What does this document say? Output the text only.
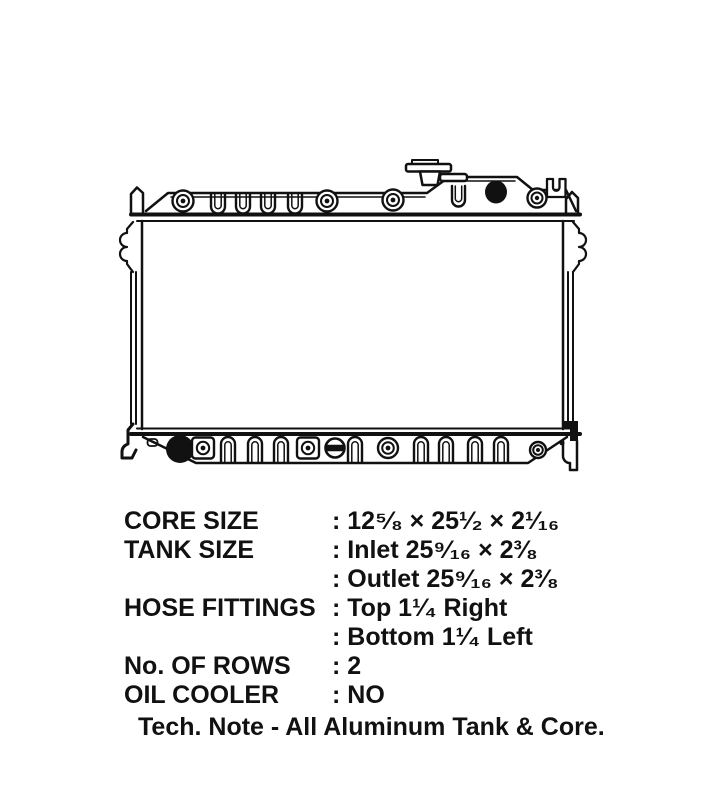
CORE SIZE	: 12⁵⁄₈ × 25¹⁄₂ × 2¹⁄₁₆
TANK SIZE	: Inlet 25⁹⁄₁₆ × 2³⁄₈
: Outlet 25⁹⁄₁₆ × 2³⁄₈
HOSE FITTINGS : Top 1¹⁄₄ Right
: Bottom 1¹⁄₄ Left
No. OF ROWS	: 2
OIL COOLER	: NO
Tech. Note - All Aluminum Tank & Core.
